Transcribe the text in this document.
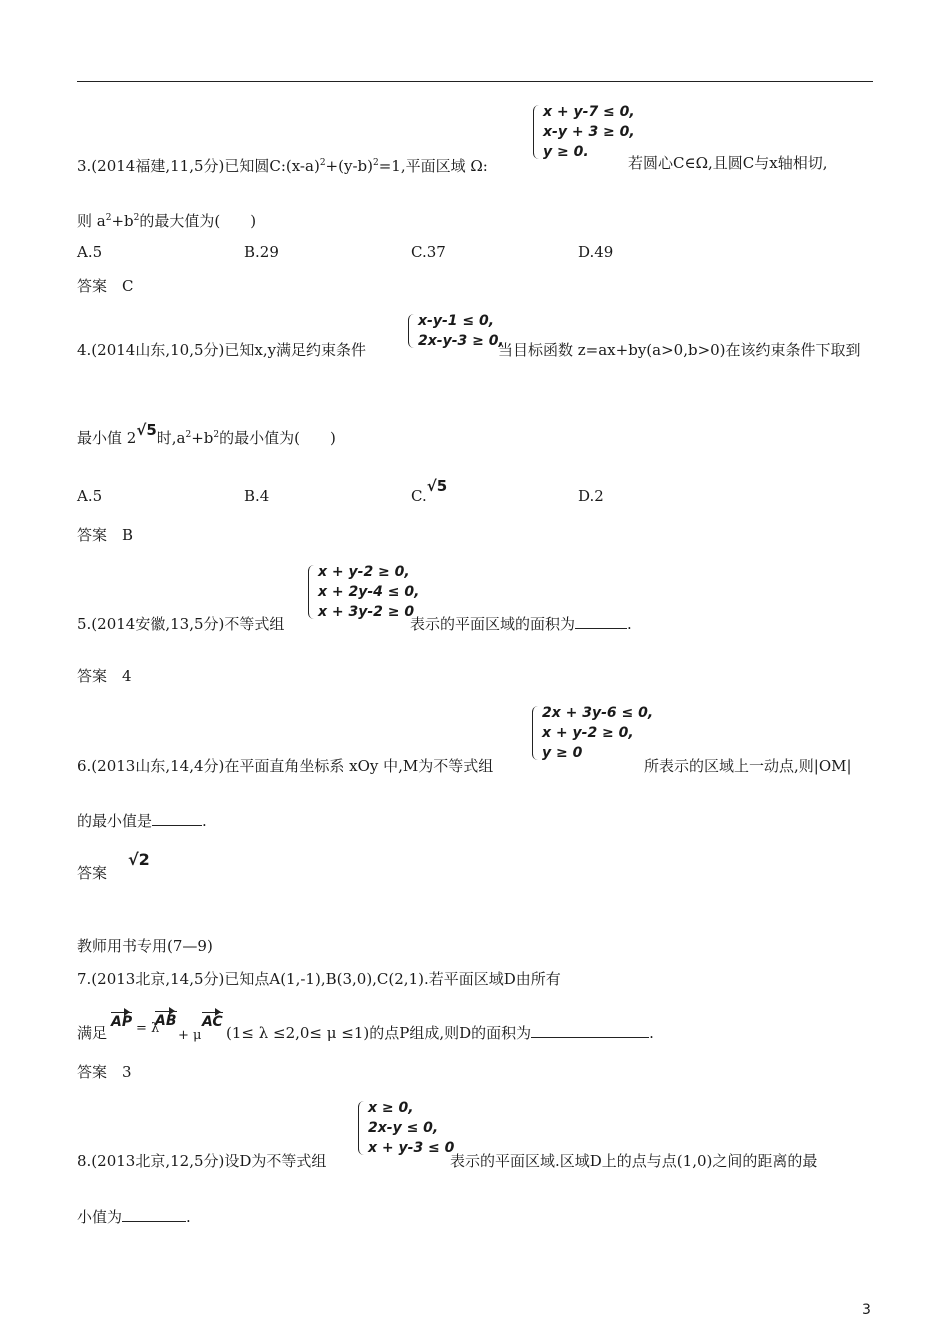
x + y-7 ≤ 0,
x-y + 3 ≥ 0,
y ≥ 0.
3.(2014福建,11,5分)已知圆$C:(x-a)^2+(y-b)^2=1$,平面区域 Ω:	若圆心C∈Ω,且圆C与x轴相切,
则 $a^2+b^2$的最大值为(　　)
A.5	B.29	C.37	D.49
答案　C
x-y-1 ≤ 0,
2x-y-3 ≥ 0,
4.(2014山东,10,5分)已知x,y满足约束条件	当目标函数 z=ax+by(a>0,b>0)在该约束条件下取到
最小值 2√5时$,a^2+b^2$的最小值为(　　)
A.5	B.4	C.√5
D.2
答案　B
x + y-2 ≥ 0,
x + 2y-4 ≤ 0,
x + 3y-2 ≥ 0
5.(2014安徽,13,5分)不等式组	表示的平面区域的面积为	.
答案　4
2x + 3y-6 ≤ 0,
x + y-2 ≥ 0,
y ≥ 0
6.(2013山东,14,4分)在平面直角坐标系 xOy 中,M为不等式组	所表示的区域上一动点,则|OM|
的最小值是	.
答案
√2
教师用书专用(7—9)
7.(2013北京,14,5分)已知点A(1,-1),B(3,0),C(2,1).若平面区域D由所有
满足
AP = λ
AB
+ μ
AC
(1≤ λ ≤2,0≤ μ ≤1)的点P组成,则D的面积为	.
答案　3
x ≥ 0,
2x-y ≤ 0,
x + y-3 ≤ 0
8.(2013北京,12,5分)设D为不等式组	表示的平面区域.区域D上的点与点(1,0)之间的距离的最
小值为	.
3
